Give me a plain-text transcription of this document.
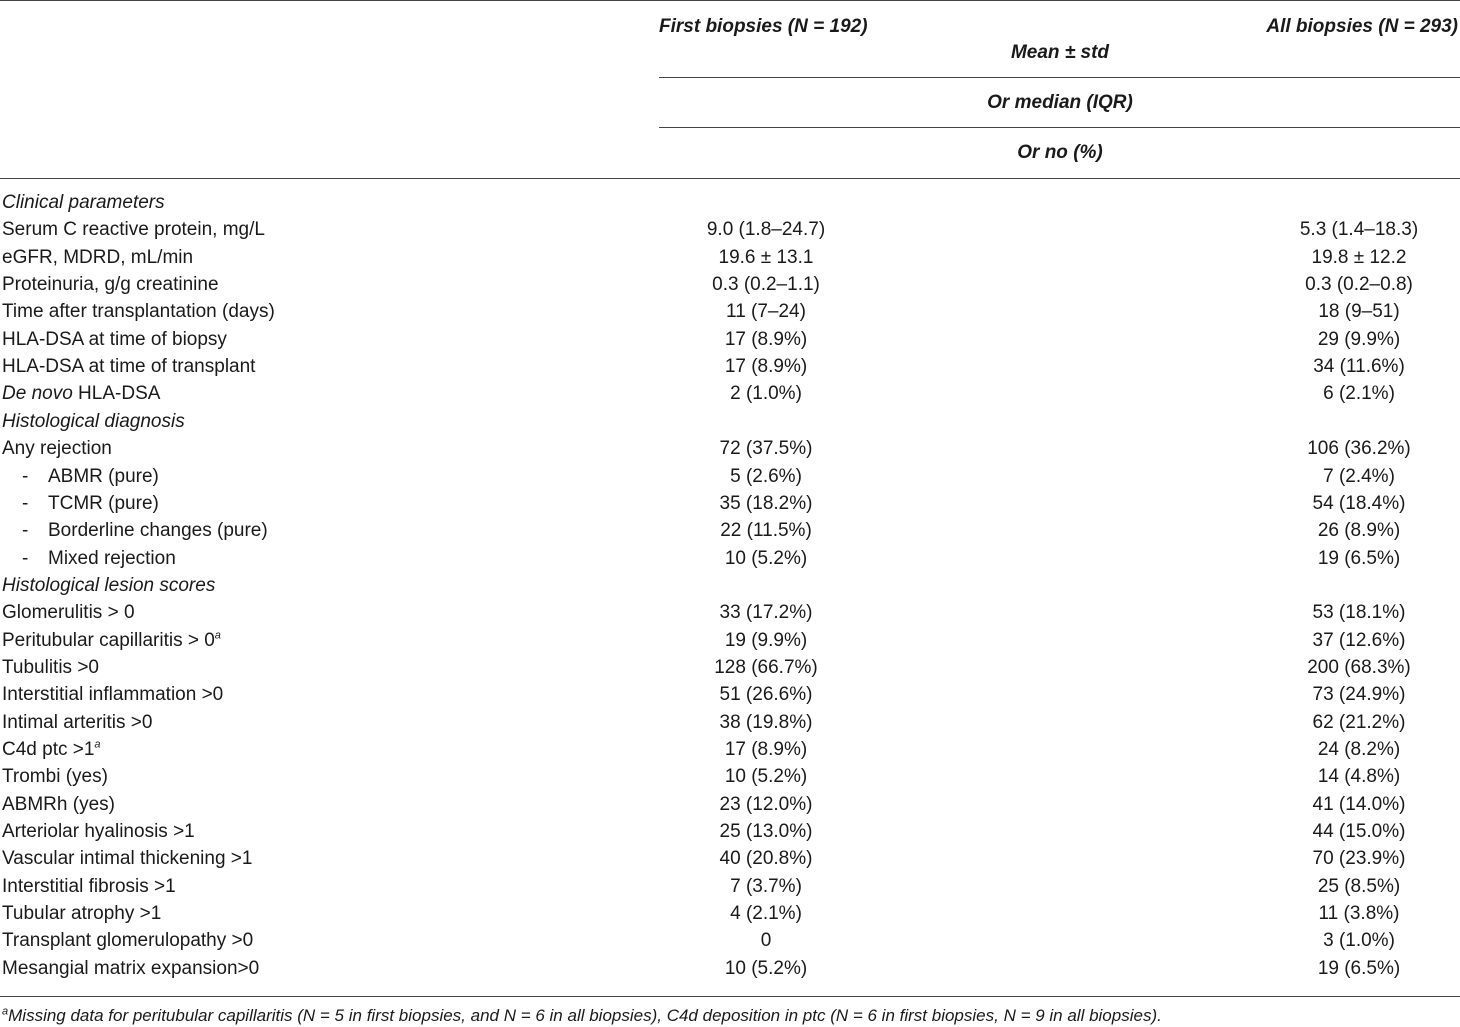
First biopsies (N = 192)	All biopsies (N = 293)
Mean ± std
Or median (IQR)
Or no (%)
Clinical parameters
Serum C reactive protein, mg/L	9.0 (1.8–24.7)	5.3 (1.4–18.3)
eGFR, MDRD, mL/min	19.6 ± 13.1	19.8 ± 12.2
Proteinuria, g/g creatinine	0.3 (0.2–1.1)	0.3 (0.2–0.8)
Time after transplantation (days)	11 (7–24)	18 (9–51)
HLA-DSA at time of biopsy	17 (8.9%)	29 (9.9%)
HLA-DSA at time of transplant	17 (8.9%)	34 (11.6%)
De novo HLA-DSA	2 (1.0%)	6 (2.1%)
Histological diagnosis
Any rejection	72 (37.5%)	106 (36.2%)
- ABMR (pure)	5 (2.6%)	7 (2.4%)
- TCMR (pure)	35 (18.2%)	54 (18.4%)
- Borderline changes (pure)	22 (11.5%)	26 (8.9%)
- Mixed rejection	10 (5.2%)	19 (6.5%)
Histological lesion scores
Glomerulitis > 0	33 (17.2%)	53 (18.1%)
Peritubular capillaritis > $0^a$	19 (9.9%)	37 (12.6%)
Tubulitis >0	128 (66.7%)	200 (68.3%)
Interstitial inflammation >0	51 (26.6%)	73 (24.9%)
Intimal arteritis >0	38 (19.8%)	62 (21.2%)
C4d ptc $>1^a$	17 (8.9%)	24 (8.2%)
Trombi (yes)	10 (5.2%)	14 (4.8%)
ABMRh (yes)	23 (12.0%)	41 (14.0%)
Arteriolar hyalinosis >1	25 (13.0%)	44 (15.0%)
Vascular intimal thickening >1	40 (20.8%)	70 (23.9%)
Interstitial fibrosis >1	7 (3.7%)	25 (8.5%)
Tubular atrophy >1	4 (2.1%)	11 (3.8%)
Transplant glomerulopathy >0	0	3 (1.0%)
Mesangial matrix expansion>0	10 (5.2%)	19 (6.5%)
$^a$Missing data for peritubular capillaritis (N = 5 in first biopsies, and N = 6 in all biopsies), C4d deposition in ptc (N = 6 in first biopsies, N = 9 in all biopsies).
